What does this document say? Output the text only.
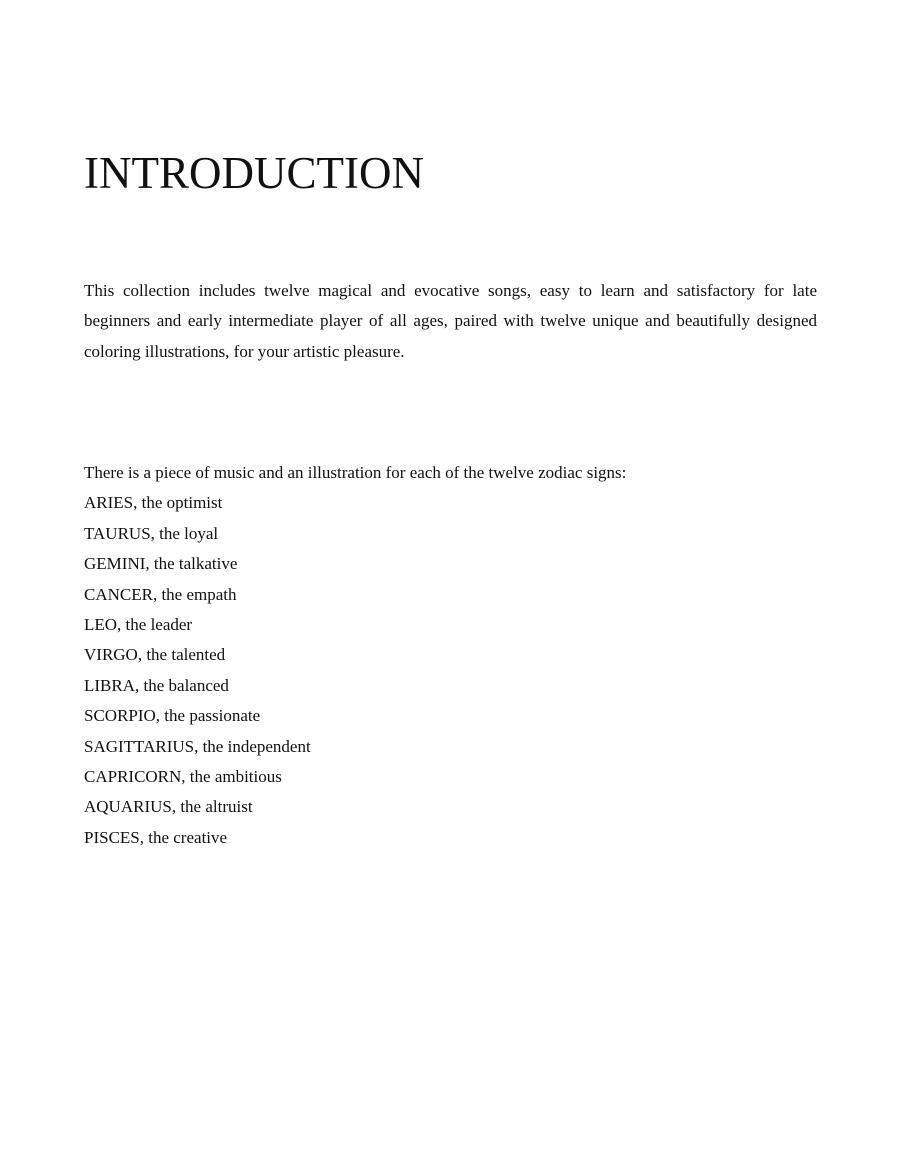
INTRODUCTION

This collection includes twelve magical and evocative songs, easy to learn and satisfactory for late beginners and early intermediate player of all ages, paired with twelve unique and beautifully designed coloring illustrations, for your artistic pleasure.

There is a piece of music and an illustration for each of the twelve zodiac signs:

ARIES, the optimist
TAURUS, the loyal
GEMINI, the talkative
CANCER, the empath
LEO, the leader
VIRGO, the talented
LIBRA, the balanced
SCORPIO, the passionate
SAGITTARIUS, the independent
CAPRICORN, the ambitious
AQUARIUS, the altruist
PISCES, the creative
